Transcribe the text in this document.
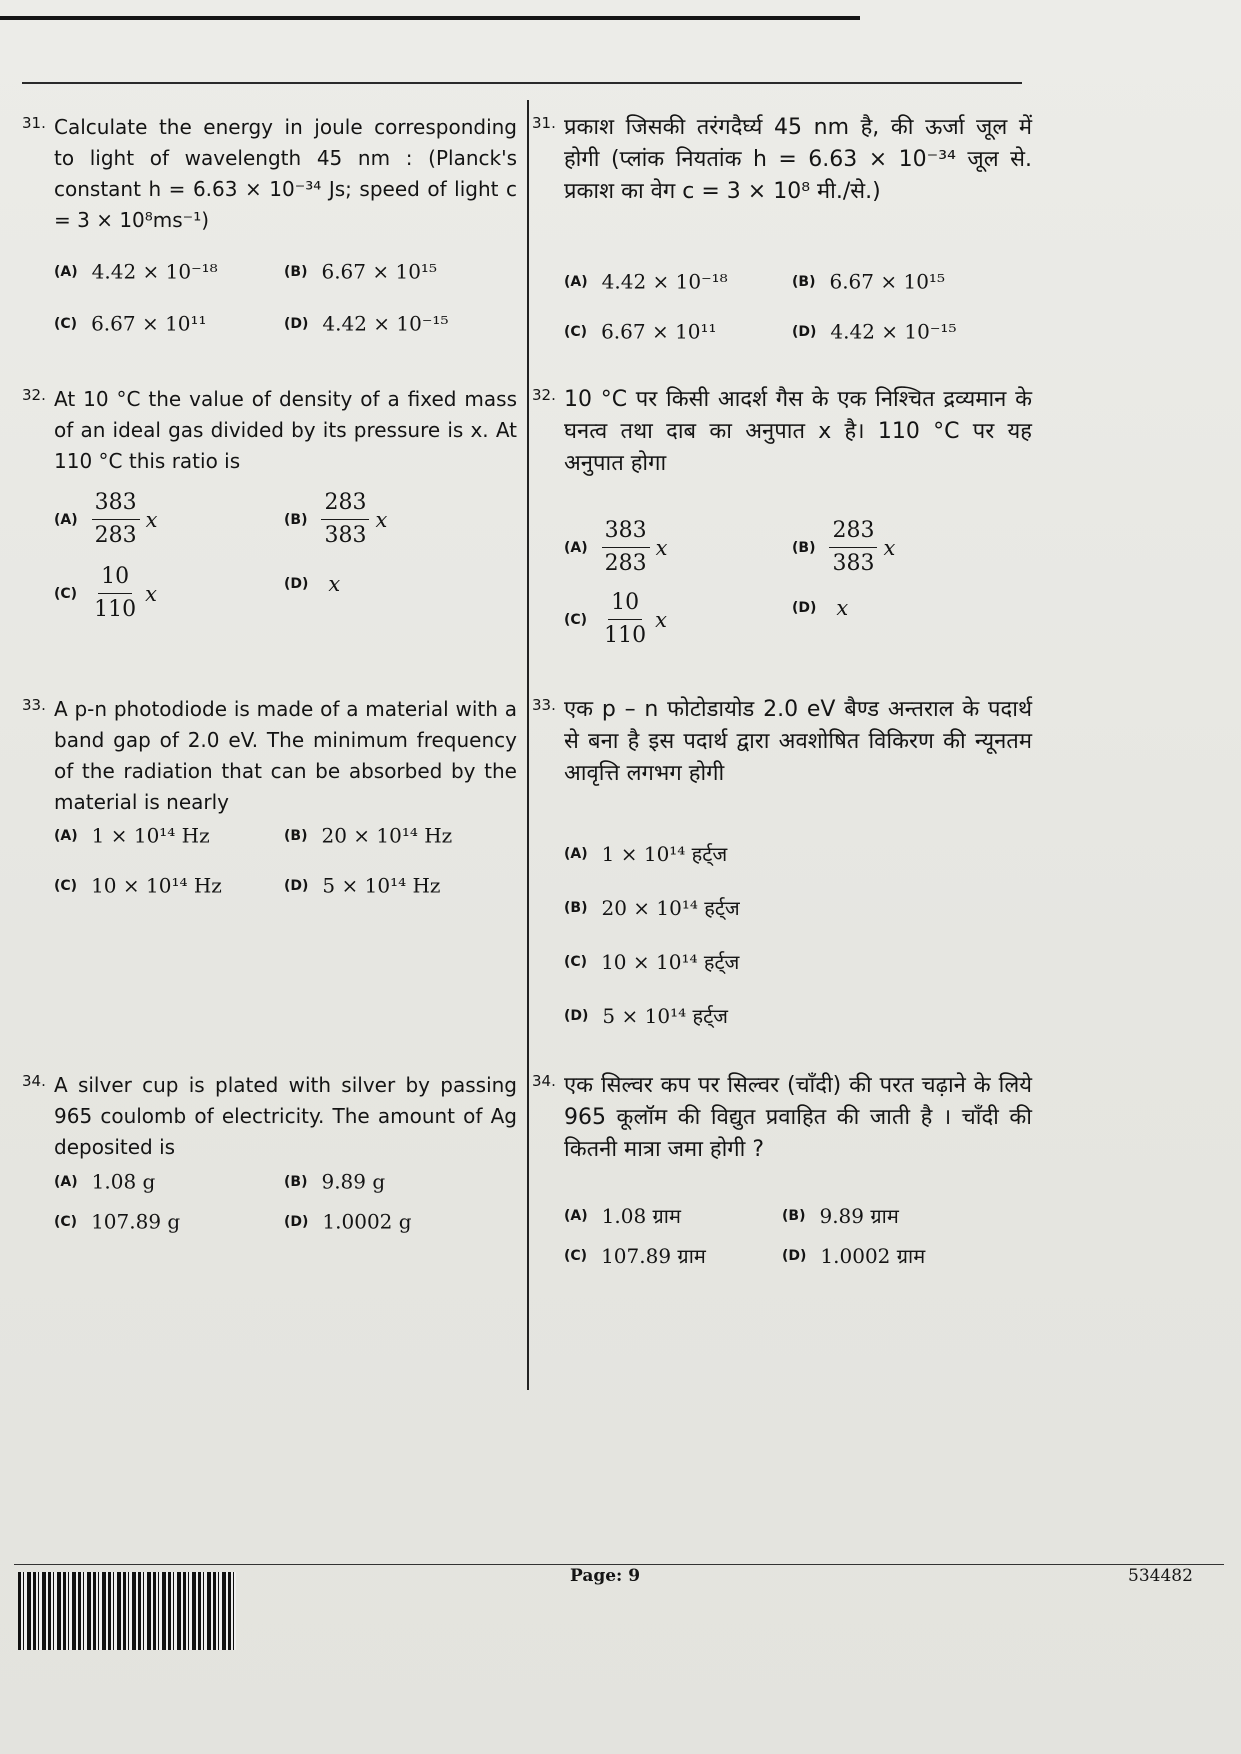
31. Calculate the energy in joule corresponding to light of wavelength 45 nm : (Planck's constant h = 6.63 × 10⁻³⁴ Js; speed of light c = 3 × 10⁸ms⁻¹)
(A) 4.42 × 10⁻¹⁸	(B) 6.67 × 10¹⁵
(C) 6.67 × 10¹¹	(D) 4.42 × 10⁻¹⁵
32. At 10 °C the value of density of a fixed mass of an ideal gas divided by its pressure is x. At 110 °C this ratio is
$(A) \frac{383}{283}$ x	$(B) \frac{283}{383}$ x
$(C) \frac{10}{110}$ x	(D) x
33. A p-n photodiode is made of a material with a band gap of 2.0 eV. The minimum frequency of the radiation that can be absorbed by the material is nearly
(A) 1 × 10¹⁴ Hz	(B) 20 × 10¹⁴ Hz
(C) 10 × 10¹⁴ Hz	(D) 5 × 10¹⁴ Hz
34. A silver cup is plated with silver by passing 965 coulomb of electricity. The amount of Ag deposited is
(A) 1.08 g	(B) 9.89 g
(C) 107.89 g	(D) 1.0002 g
31. प्रकाश जिसकी तरंगदैर्घ्य 45 nm है, की ऊर्जा जूल में होगी (प्लांक नियतांक h = 6.63 × 10⁻³⁴ जूल से. प्रकाश का वेग c = 3 × 10⁸ मी./से.)
(A) 4.42 × 10⁻¹⁸	(B) 6.67 × 10¹⁵
(C) 6.67 × 10¹¹	(D) 4.42 × 10⁻¹⁵
32. 10 °C पर किसी आदर्श गैस के एक निश्चित द्रव्यमान के घनत्व तथा दाब का अनुपात x है। 110 °C पर यह अनुपात होगा
$(A) \frac{383}{283}$ x	$(B) \frac{283}{383}$ x
$(C) \frac{10}{110}$ x	(D) x
33. एक p – n फोटोडायोड 2.0 eV बैण्ड अन्तराल के पदार्थ से बना है इस पदार्थ द्वारा अवशोषित विकिरण की न्यूनतम आवृत्ति लगभग होगी
(A) 1 × 10¹⁴ हर्ट्ज
(B) 20 × 10¹⁴ हर्ट्ज
(C) 10 × 10¹⁴ हर्ट्ज
(D) 5 × 10¹⁴ हर्ट्ज
34. एक सिल्वर कप पर सिल्वर (चाँदी) की परत चढ़ाने के लिये 965 कूलॉम की विद्युत प्रवाहित की जाती है । चाँदी की कितनी मात्रा जमा होगी ?
(A) 1.08 ग्राम	(B) 9.89 ग्राम
(C) 107.89 ग्राम	(D) 1.0002 ग्राम
Page: 9	534482
